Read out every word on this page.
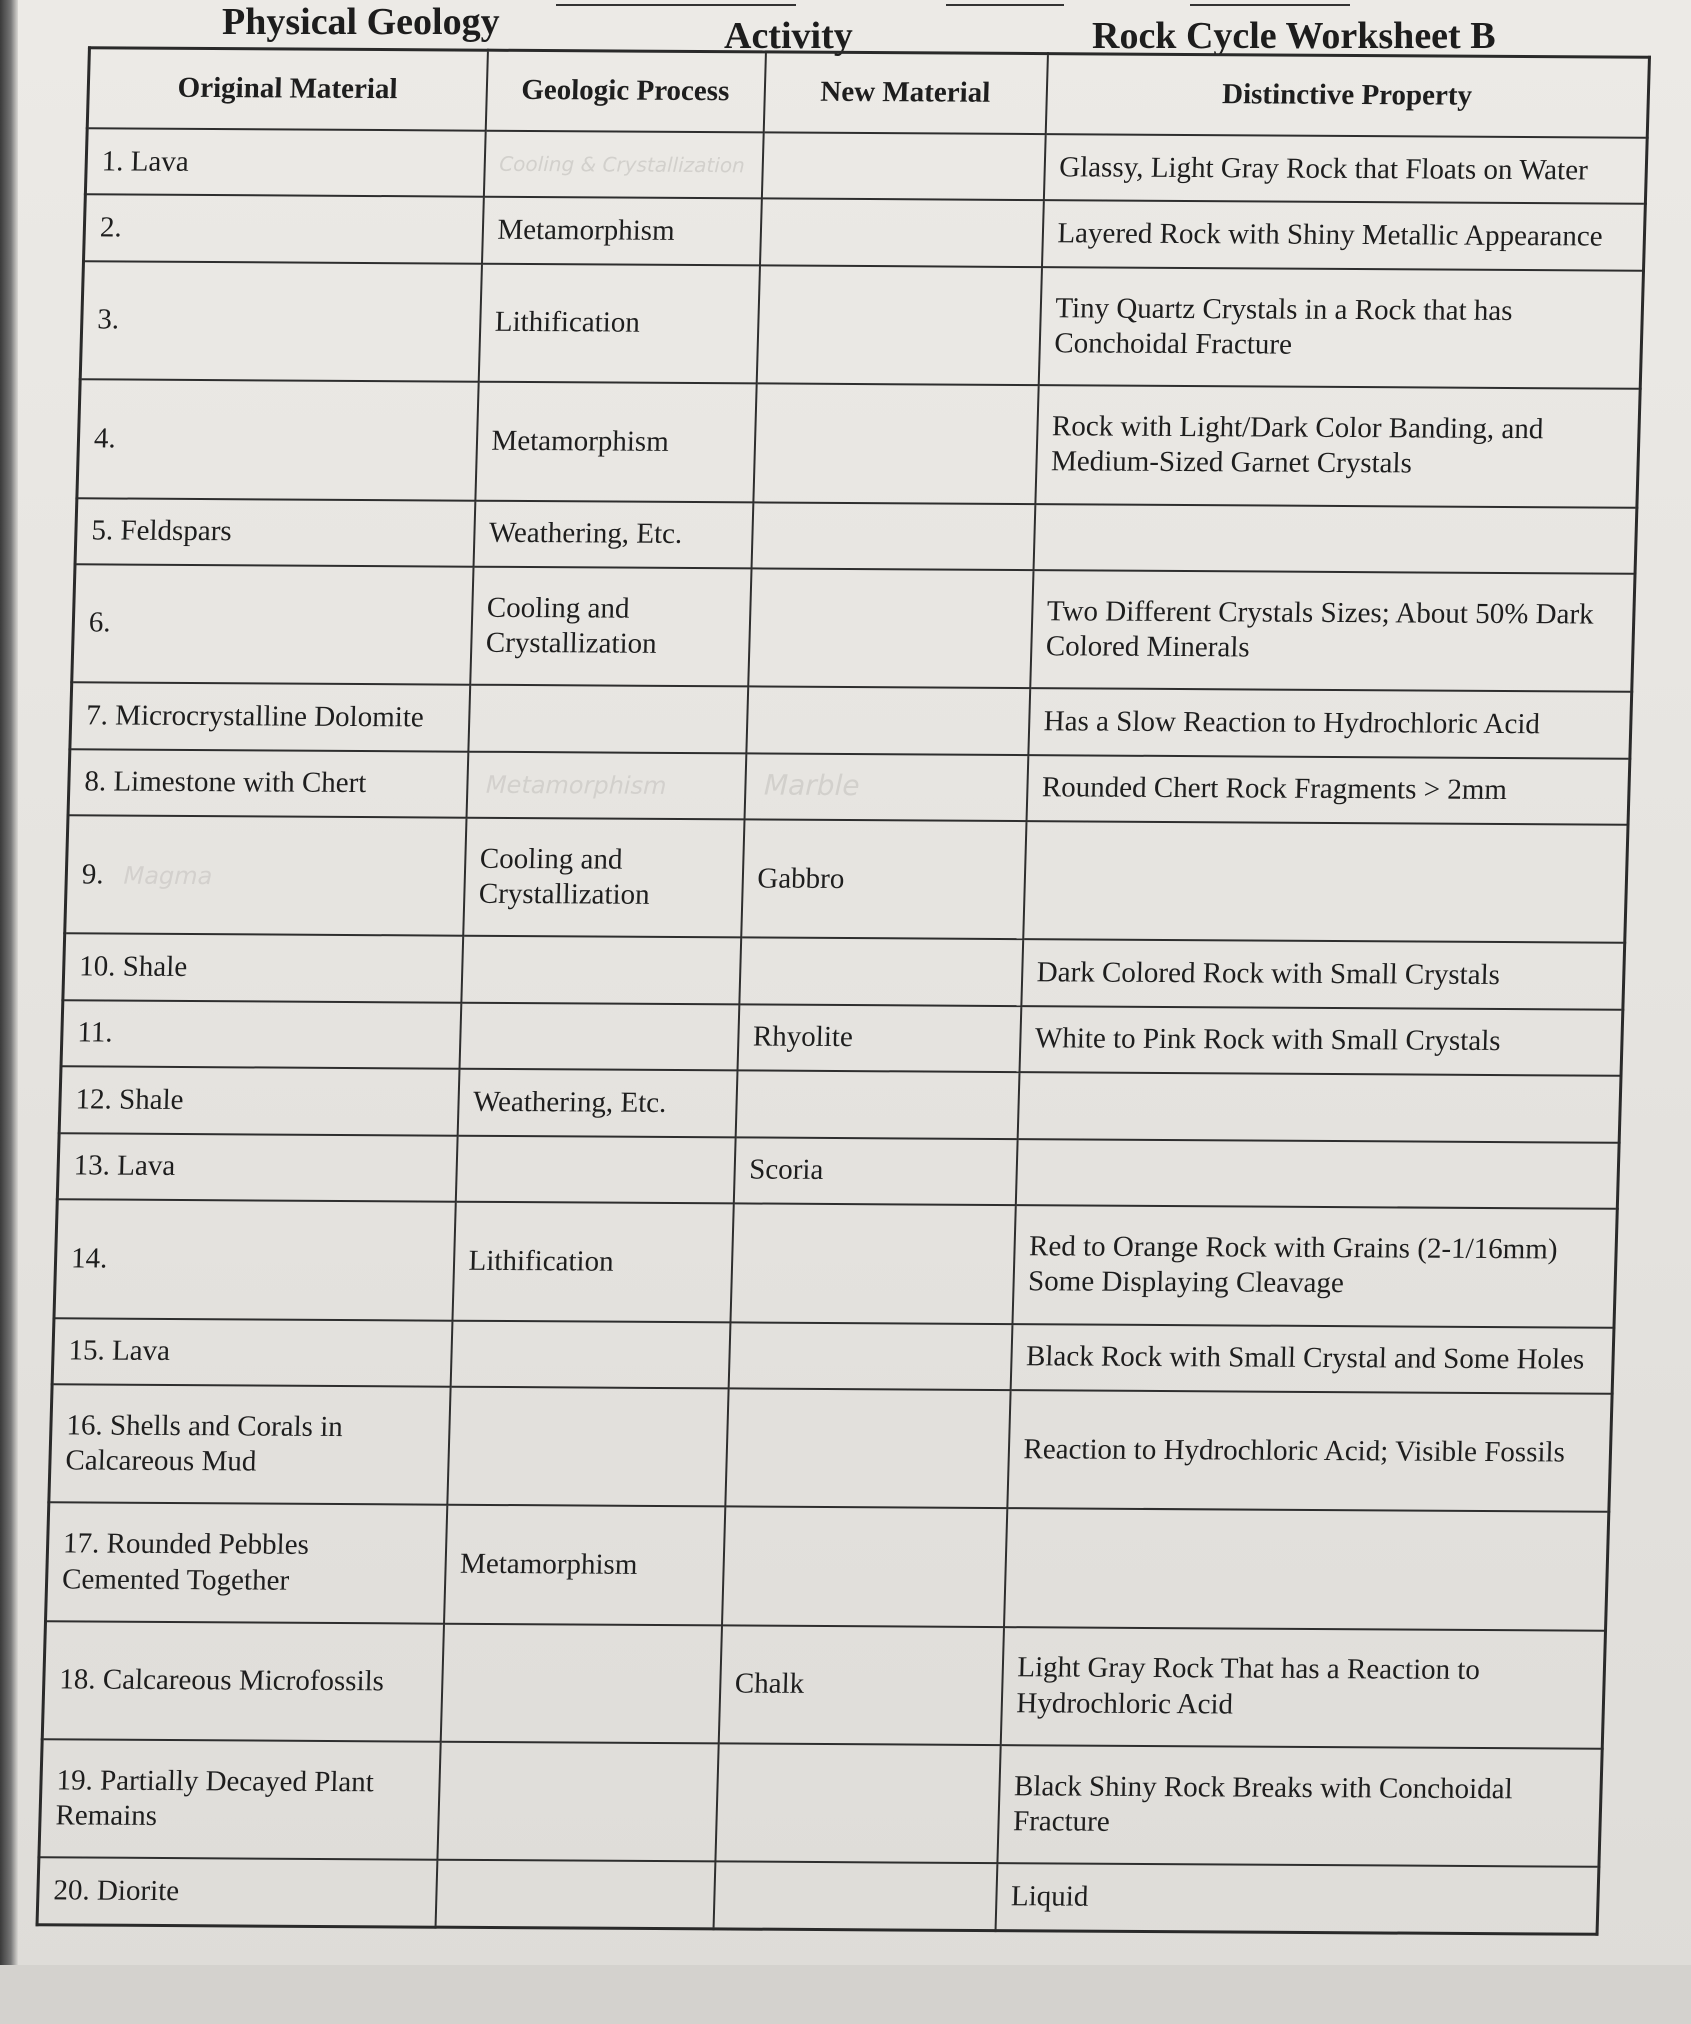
Physical Geology	Activity	Rock Cycle Worksheet B
Original Material	Geologic Process	New Material	Distinctive Property
1. Lava	Cooling & Crystallization		Glassy, Light Gray Rock that Floats on Water
2.	Metamorphism		Layered Rock with Shiny Metallic Appearance
3.	Lithification		Tiny Quartz Crystals in a Rock that has Conchoidal Fracture
4.	Metamorphism		Rock with Light/Dark Color Banding, and Medium-Sized Garnet Crystals
5. Feldspars	Weathering, Etc.		
6.	Cooling and Crystallization		Two Different Crystals Sizes; About 50% Dark Colored Minerals
7. Microcrystalline Dolomite			Has a Slow Reaction to Hydrochloric Acid
8. Limestone with Chert	Metamorphism	Marble	Rounded Chert Rock Fragments > 2mm
9. Magma	Cooling and Crystallization	Gabbro	
10. Shale			Dark Colored Rock with Small Crystals
11.		Rhyolite	White to Pink Rock with Small Crystals
12. Shale	Weathering, Etc.		
13. Lava		Scoria	
14.	Lithification		Red to Orange Rock with Grains (2-1/16mm) Some Displaying Cleavage
15. Lava			Black Rock with Small Crystal and Some Holes
16. Shells and Corals in Calcareous Mud			Reaction to Hydrochloric Acid; Visible Fossils
17. Rounded Pebbles Cemented Together	Metamorphism		
18. Calcareous Microfossils		Chalk	Light Gray Rock That has a Reaction to Hydrochloric Acid
19. Partially Decayed Plant Remains			Black Shiny Rock Breaks with Conchoidal Fracture
20. Diorite			Liquid
